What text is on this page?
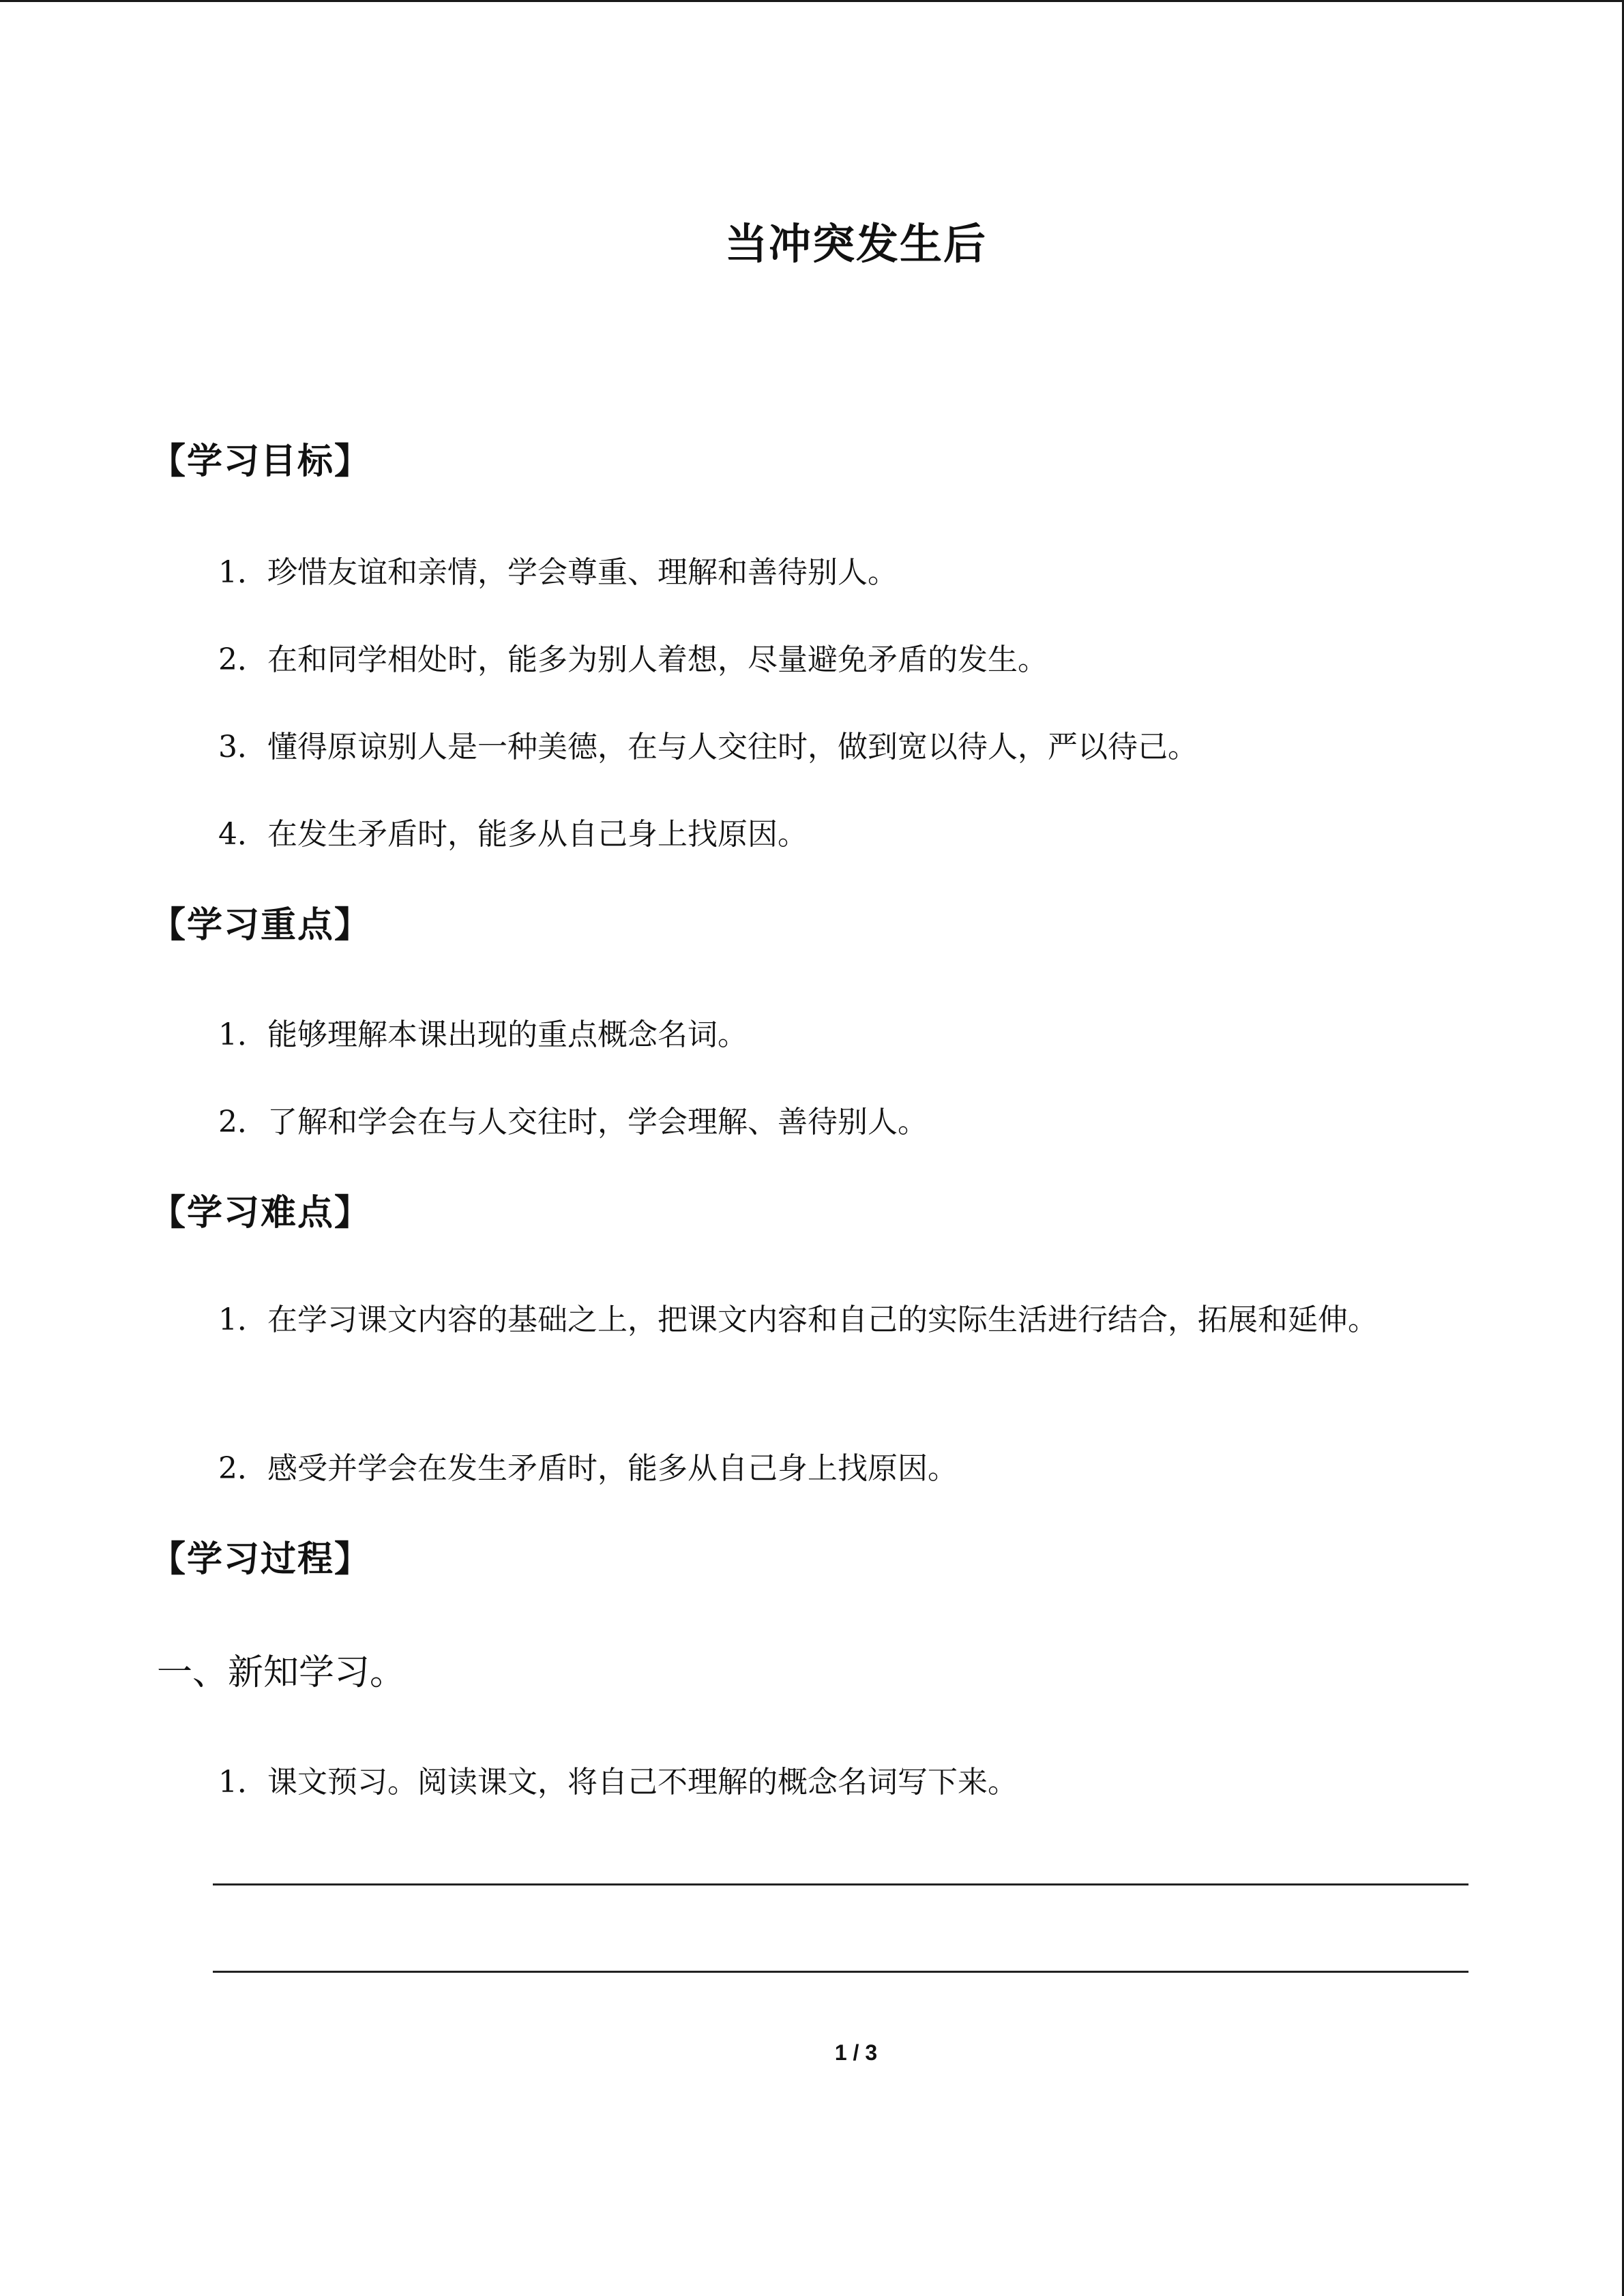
当冲突发生后
【学习目标】
1．珍惜友谊和亲情，学会尊重、理解和善待别人。
2．在和同学相处时，能多为别人着想，尽量避免矛盾的发生。
3．懂得原谅别人是一种美德，在与人交往时，做到宽以待人，严以待己。
4．在发生矛盾时，能多从自己身上找原因。
【学习重点】
1．能够理解本课出现的重点概念名词。
2．了解和学会在与人交往时，学会理解、善待别人。
【学习难点】
1．在学习课文内容的基础之上，把课文内容和自己的实际生活进行结合，拓展和延伸。
2．感受并学会在发生矛盾时，能多从自己身上找原因。
【学习过程】
一、新知学习。
1．课文预习。阅读课文，将自己不理解的概念名词写下来。
1 / 3
